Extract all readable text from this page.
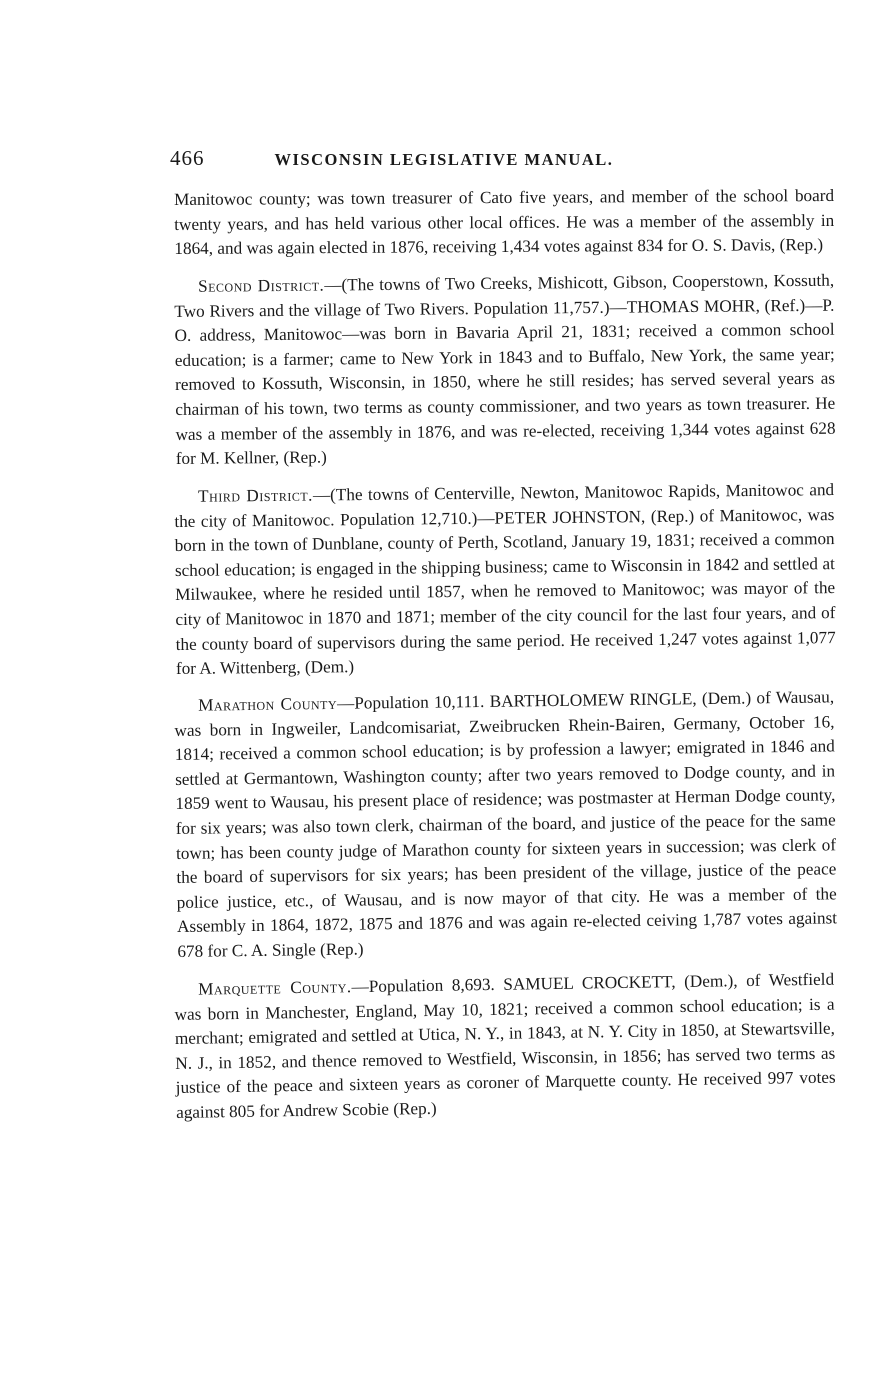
466	WISCONSIN LEGISLATIVE MANUAL.

Manitowoc county; was town treasurer of Cato five years, and member of the school board twenty years, and has held various other local offices. He was a member of the assembly in 1864, and was again elected in 1876, receiving 1,434 votes against 834 for O. S. Davis, (Rep.)

Second District.—(The towns of Two Creeks, Mishicott, Gibson, Cooperstown, Kossuth, Two Rivers and the village of Two Rivers. Population 11,757.)—THOMAS MOHR, (Ref.)—P. O. address, Manitowoc—was born in Bavaria April 21, 1831; received a common school education; is a farmer; came to New York in 1843 and to Buffalo, New York, the same year; removed to Kossuth, Wisconsin, in 1850, where he still resides; has served several years as chairman of his town, two terms as county commissioner, and two years as town treasurer. He was a member of the assembly in 1876, and was re-elected, receiving 1,344 votes against 628 for M. Kellner, (Rep.)

Third District.—(The towns of Centerville, Newton, Manitowoc Rapids, Manitowoc and the city of Manitowoc. Population 12,710.)—PETER JOHNSTON, (Rep.) of Manitowoc, was born in the town of Dunblane, county of Perth, Scotland, January 19, 1831; received a common school education; is engaged in the shipping business; came to Wisconsin in 1842 and settled at Milwaukee, where he resided until 1857, when he removed to Manitowoc; was mayor of the city of Manitowoc in 1870 and 1871; member of the city council for the last four years, and of the county board of supervisors during the same period. He received 1,247 votes against 1,077 for A. Wittenberg, (Dem.)

Marathon County—Population 10,111. BARTHOLOMEW RINGLE, (Dem.) of Wausau, was born in Ingweiler, Landcomisariat, Zweibrucken Rhein-Bairen, Germany, October 16, 1814; received a common school education; is by profession a lawyer; emigrated in 1846 and settled at Germantown, Washington county; after two years removed to Dodge county, and in 1859 went to Wausau, his present place of residence; was postmaster at Herman Dodge county, for six years; was also town clerk, chairman of the board, and justice of the peace for the same town; has been county judge of Marathon county for sixteen years in succession; was clerk of the board of supervisors for six years; has been president of the village, justice of the peace police justice, etc., of Wausau, and is now mayor of that city. He was a member of the Assembly in 1864, 1872, 1875 and 1876 and was again re-elected ceiving 1,787 votes against 678 for C. A. Single (Rep.)

Marquette County.—Population 8,693. SAMUEL CROCKETT, (Dem.), of Westfield was born in Manchester, England, May 10, 1821; received a common school education; is a merchant; emigrated and settled at Utica, N. Y., in 1843, at N. Y. City in 1850, at Stewartsville, N. J., in 1852, and thence removed to Westfield, Wisconsin, in 1856; has served two terms as justice of the peace and sixteen years as coroner of Marquette county. He received 997 votes against 805 for Andrew Scobie (Rep.)
